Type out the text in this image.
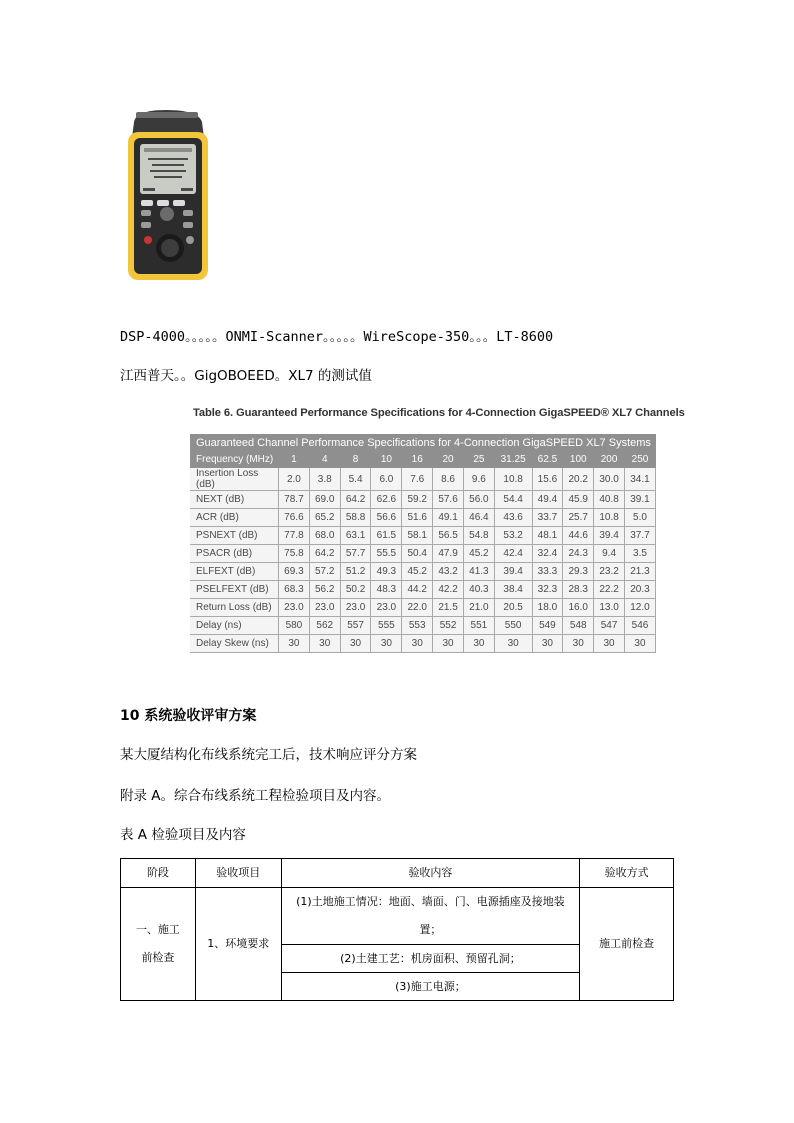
DSP-4000。。。。。ONMI-Scanner。。。。。WireScope-350。。。LT-8600
江西普天。。GigOBOEED。XL7 的测试值
Table 6. Guaranteed Performance Specifications for 4-Connection GigaSPEED® XL7 Channels
Guaranteed Channel Performance Specifications for 4-Connection GigaSPEED XL7 Systems												
Frequency (MHz)	1	4	8	10	16	20	25	31.25	62.5	100	200	250
Insertion Loss (dB)	2.0	3.8	5.4	6.0	7.6	8.6	9.6	10.8	15.6	20.2	30.0	34.1
NEXT (dB)	78.7	69.0	64.2	62.6	59.2	57.6	56.0	54.4	49.4	45.9	40.8	39.1
ACR (dB)	76.6	65.2	58.8	56.6	51.6	49.1	46.4	43.6	33.7	25.7	10.8	5.0
PSNEXT (dB)	77.8	68.0	63.1	61.5	58.1	56.5	54.8	53.2	48.1	44.6	39.4	37.7
PSACR (dB)	75.8	64.2	57.7	55.5	50.4	47.9	45.2	42.4	32.4	24.3	9.4	3.5
ELFEXT (dB)	69.3	57.2	51.2	49.3	45.2	43.2	41.3	39.4	33.3	29.3	23.2	21.3
PSELFEXT (dB)	68.3	56.2	50.2	48.3	44.2	42.2	40.3	38.4	32.3	28.3	22.2	20.3
Return Loss (dB)	23.0	23.0	23.0	23.0	22.0	21.5	21.0	20.5	18.0	16.0	13.0	12.0
Delay (ns)	580	562	557	555	553	552	551	550	549	548	547	546
Delay Skew (ns)	30	30	30	30	30	30	30	30	30	30	30	30
10 系统验收评审方案
某大厦结构化布线系统完工后，技术响应评分方案
附录 A。综合布线系统工程检验项目及内容。
表 A 检验项目及内容
阶段	验收项目	验收内容	验收方式
一、施工
前检查	1、环境要求	(1)土地施工情况：地面、墙面、门、电源插座及接地装置；	施工前检查
		(2)土建工艺：机房面积、预留孔洞；	
		(3)施工电源；	
